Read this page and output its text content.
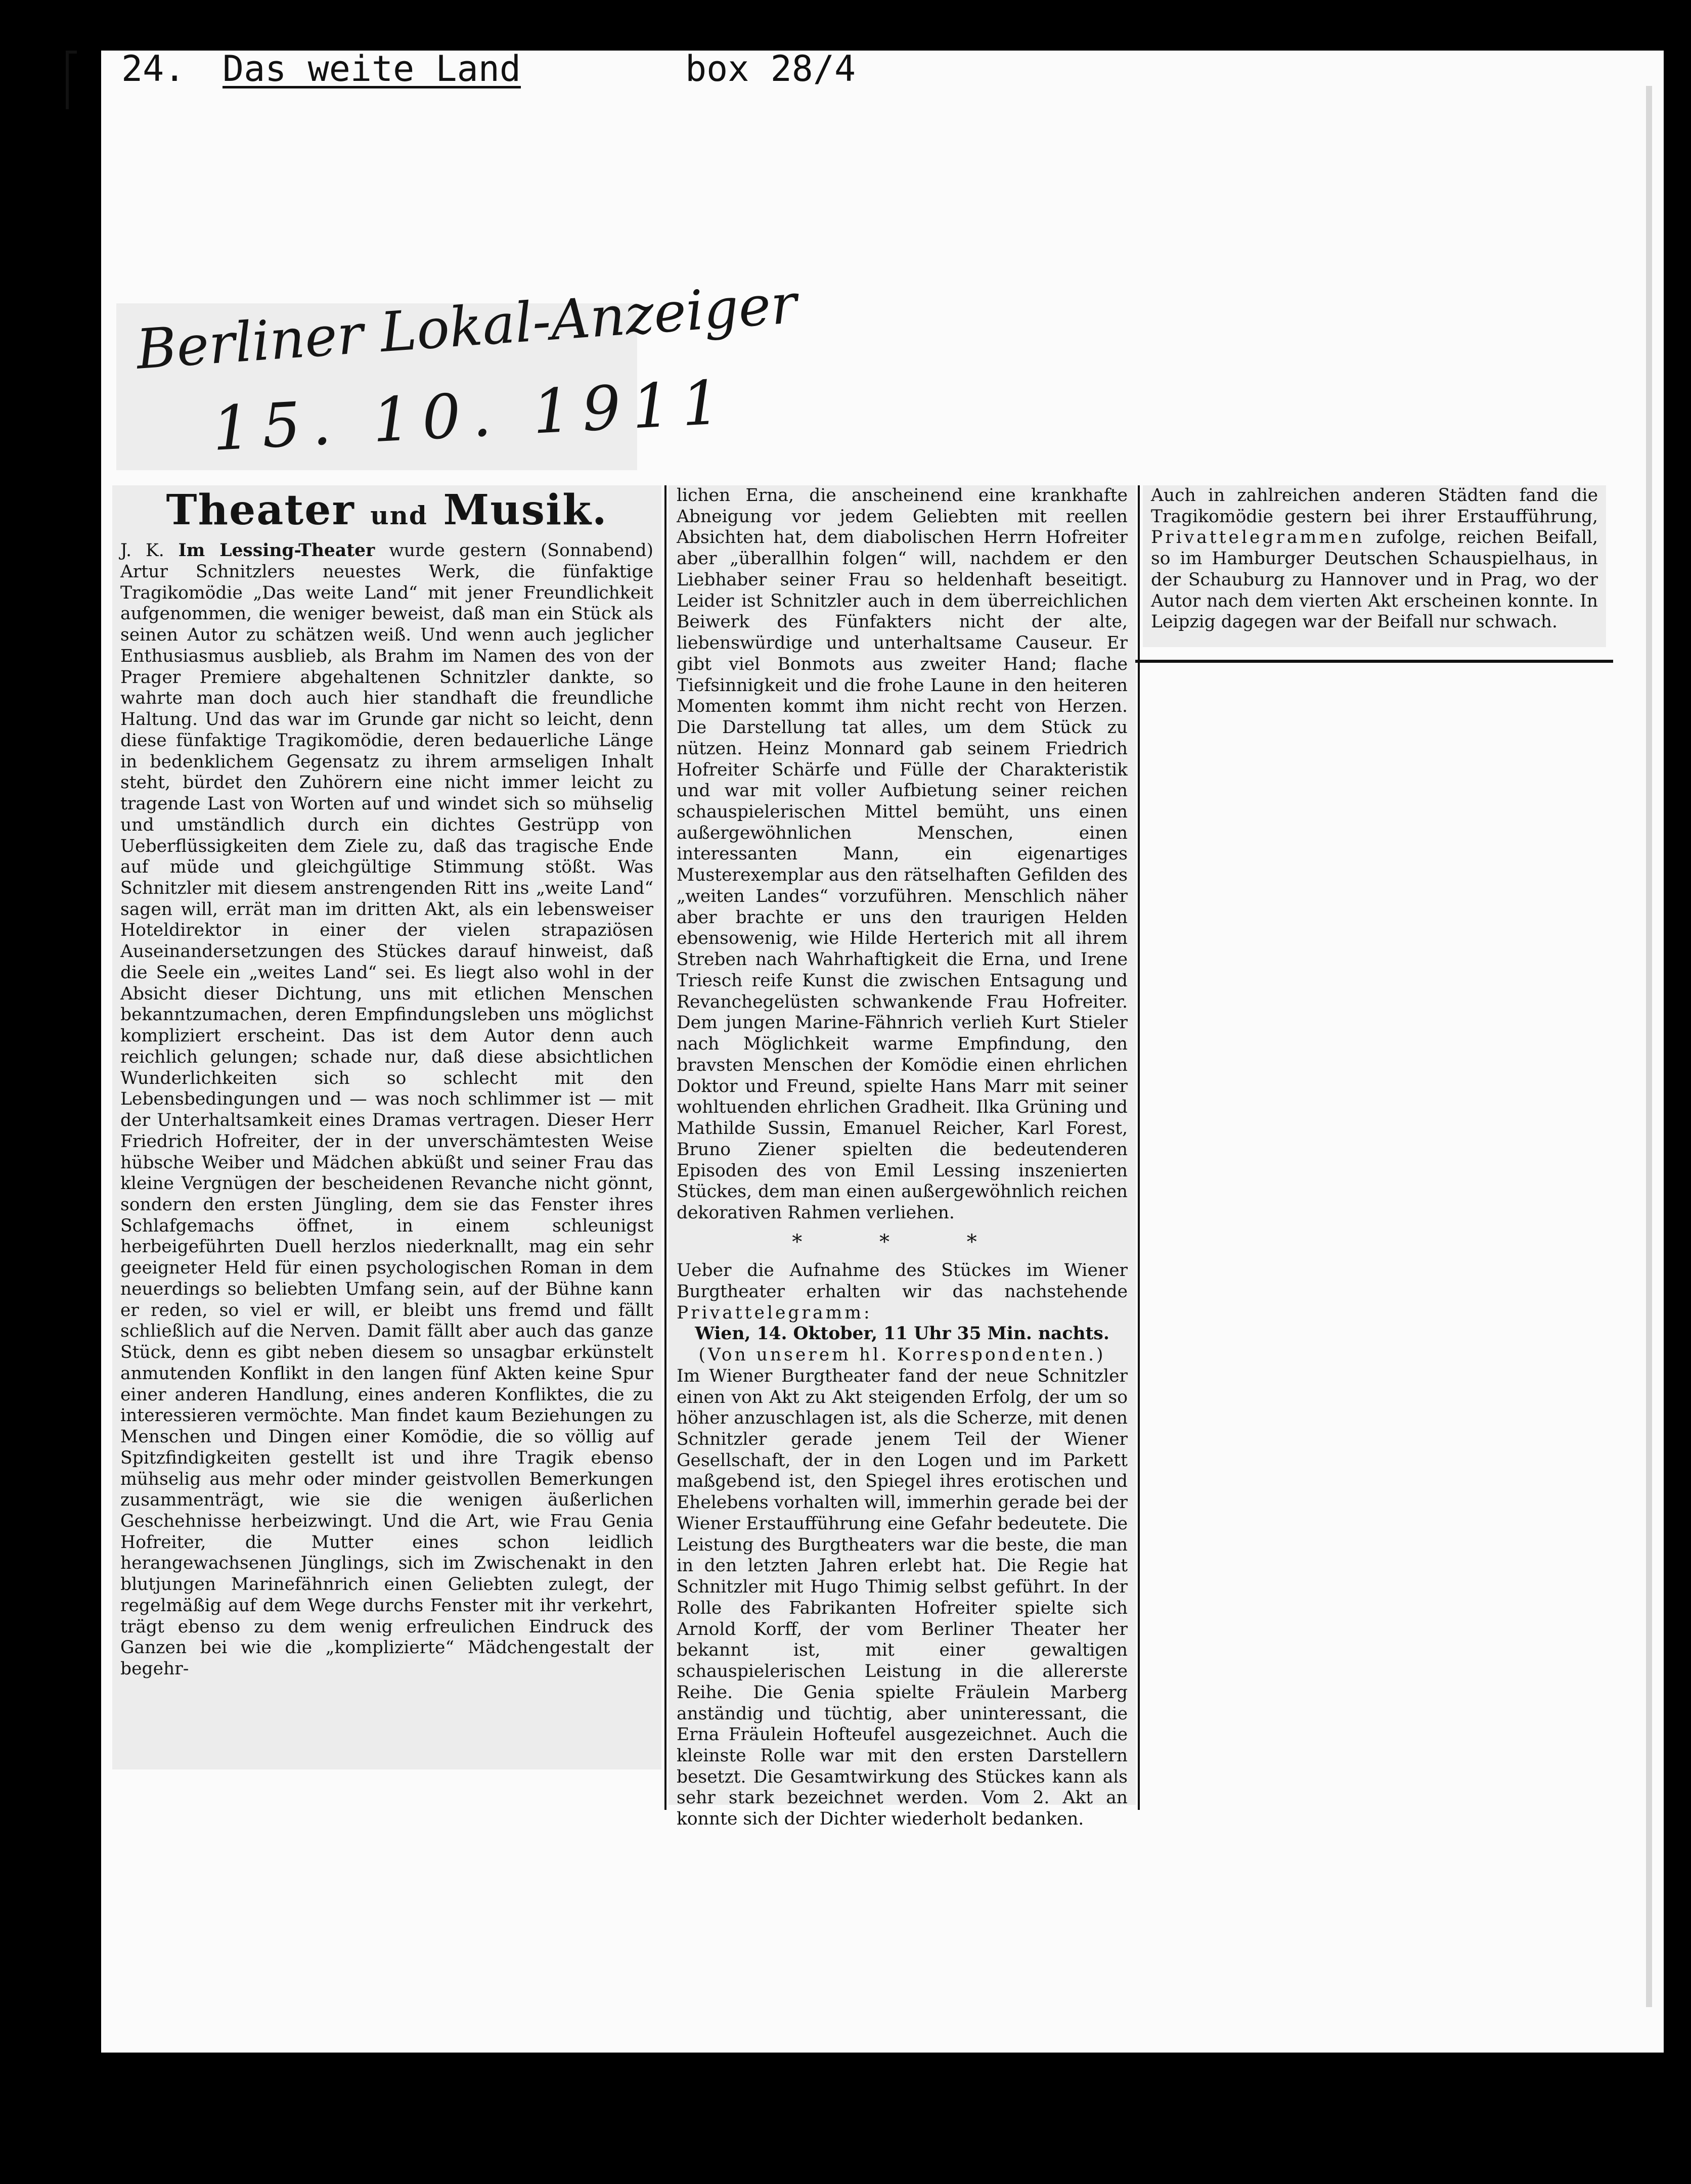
24. Das weite Land	box 28/4
Berliner Lokal-Anzeiger
15. 10. 1911
Theater und Musik.

J. K. Im Lessing-Theater wurde gestern (Sonnabend) Artur Schnitzlers neuestes Werk, die fünfaktige Tragikomödie „Das weite Land“ mit jener Freundlichkeit aufgenommen, die weniger beweist, daß man ein Stück als seinen Autor zu schätzen weiß. Und wenn auch jeglicher Enthusiasmus ausblieb, als Brahm im Namen des von der Prager Premiere abgehaltenen Schnitzler dankte, so wahrte man doch auch hier standhaft die freundliche Haltung. Und das war im Grunde gar nicht so leicht, denn diese fünfaktige Tragikomödie, deren bedauerliche Länge in bedenklichem Gegensatz zu ihrem armseligen Inhalt steht, bürdet den Zuhörern eine nicht immer leicht zu tragende Last von Worten auf und windet sich so mühselig und umständlich durch ein dichtes Gestrüpp von Ueberflüssigkeiten dem Ziele zu, daß das tragische Ende auf müde und gleichgültige Stimmung stößt. Was Schnitzler mit diesem anstrengenden Ritt ins „weite Land“ sagen will, errät man im dritten Akt, als ein lebensweiser Hoteldirektor in einer der vielen strapaziösen Auseinandersetzungen des Stückes darauf hinweist, daß die Seele ein „weites Land“ sei. Es liegt also wohl in der Absicht dieser Dichtung, uns mit etlichen Menschen bekanntzumachen, deren Empfindungsleben uns möglichst kompliziert erscheint. Das ist dem Autor denn auch reichlich gelungen; schade nur, daß diese absichtlichen Wunderlichkeiten sich so schlecht mit den Lebensbedingungen und — was noch schlimmer ist — mit der Unterhaltsamkeit eines Dramas vertragen. Dieser Herr Friedrich Hofreiter, der in der unverschämtesten Weise hübsche Weiber und Mädchen abküßt und seiner Frau das kleine Vergnügen der bescheidenen Revanche nicht gönnt, sondern den ersten Jüngling, dem sie das Fenster ihres Schlafgemachs öffnet, in einem schleunigst herbeigeführten Duell herzlos niederknallt, mag ein sehr geeigneter Held für einen psychologischen Roman in dem neuerdings so beliebten Umfang sein, auf der Bühne kann er reden, so viel er will, er bleibt uns fremd und fällt schließlich auf die Nerven. Damit fällt aber auch das ganze Stück, denn es gibt neben diesem so unsagbar erkünstelt anmutenden Konflikt in den langen fünf Akten keine Spur einer anderen Handlung, eines anderen Konfliktes, die zu interessieren vermöchte. Man findet kaum Beziehungen zu Menschen und Dingen einer Komödie, die so völlig auf Spitzfindigkeiten gestellt ist und ihre Tragik ebenso mühselig aus mehr oder minder geistvollen Bemerkungen zusammenträgt, wie sie die wenigen äußerlichen Geschehnisse herbeizwingt. Und die Art, wie Frau Genia Hofreiter, die Mutter eines schon leidlich herangewachsenen Jünglings, sich im Zwischenakt in den blutjungen Marinefähnrich einen Geliebten zulegt, der regelmäßig auf dem Wege durchs Fenster mit ihr verkehrt, trägt ebenso zu dem wenig erfreulichen Eindruck des Ganzen bei wie die „komplizierte“ Mädchengestalt der begehr-

lichen Erna, die anscheinend eine krankhafte Abneigung vor jedem Geliebten mit reellen Absichten hat, dem diabolischen Herrn Hofreiter aber „überallhin folgen“ will, nachdem er den Liebhaber seiner Frau so heldenhaft beseitigt. Leider ist Schnitzler auch in dem überreichlichen Beiwerk des Fünfakters nicht der alte, liebenswürdige und unterhaltsame Causeur. Er gibt viel Bonmots aus zweiter Hand; flache Tiefsinnigkeit und die frohe Laune in den heiteren Momenten kommt ihm nicht recht von Herzen. Die Darstellung tat alles, um dem Stück zu nützen. Heinz Monnard gab seinem Friedrich Hofreiter Schärfe und Fülle der Charakteristik und war mit voller Aufbietung seiner reichen schauspielerischen Mittel bemüht, uns einen außergewöhnlichen Menschen, einen interessanten Mann, ein eigenartiges Musterexemplar aus den rätselhaften Gefilden des „weiten Landes“ vorzuführen. Menschlich näher aber brachte er uns den traurigen Helden ebensowenig, wie Hilde Herterich mit all ihrem Streben nach Wahrhaftigkeit die Erna, und Irene Triesch reife Kunst die zwischen Entsagung und Revanchegelüsten schwankende Frau Hofreiter. Dem jungen Marine-Fähnrich verlieh Kurt Stieler nach Möglichkeit warme Empfindung, den bravsten Menschen der Komödie einen ehrlichen Doktor und Freund, spielte Hans Marr mit seiner wohltuenden ehrlichen Gradheit. Ilka Grüning und Mathilde Sussin, Emanuel Reicher, Karl Forest, Bruno Ziener spielten die bedeutenderen Episoden des von Emil Lessing inszenierten Stückes, dem man einen außergewöhnlich reichen dekorativen Rahmen verliehen.

* * *

Ueber die Aufnahme des Stückes im Wiener Burgtheater erhalten wir das nachstehende Privattelegramm:

Wien, 14. Oktober, 11 Uhr 35 Min. nachts.

(Von unserem hl. Korrespondenten.)

Im Wiener Burgtheater fand der neue Schnitzler einen von Akt zu Akt steigenden Erfolg, der um so höher anzuschlagen ist, als die Scherze, mit denen Schnitzler gerade jenem Teil der Wiener Gesellschaft, der in den Logen und im Parkett maßgebend ist, den Spiegel ihres erotischen und Ehelebens vorhalten will, immerhin gerade bei der Wiener Erstaufführung eine Gefahr bedeutete. Die Leistung des Burgtheaters war die beste, die man in den letzten Jahren erlebt hat. Die Regie hat Schnitzler mit Hugo Thimig selbst geführt. In der Rolle des Fabrikanten Hofreiter spielte sich Arnold Korff, der vom Berliner Theater her bekannt ist, mit einer gewaltigen schauspielerischen Leistung in die allererste Reihe. Die Genia spielte Fräulein Marberg anständig und tüchtig, aber uninteressant, die Erna Fräulein Hofteufel ausgezeichnet. Auch die kleinste Rolle war mit den ersten Darstellern besetzt. Die Gesamtwirkung des Stückes kann als sehr stark bezeichnet werden. Vom 2. Akt an konnte sich der Dichter wiederholt bedanken.

Auch in zahlreichen anderen Städten fand die Tragikomödie gestern bei ihrer Erstaufführung, Privattelegrammen zufolge, reichen Beifall, so im Hamburger Deutschen Schauspielhaus, in der Schauburg zu Hannover und in Prag, wo der Autor nach dem vierten Akt erscheinen konnte. In Leipzig dagegen war der Beifall nur schwach.
